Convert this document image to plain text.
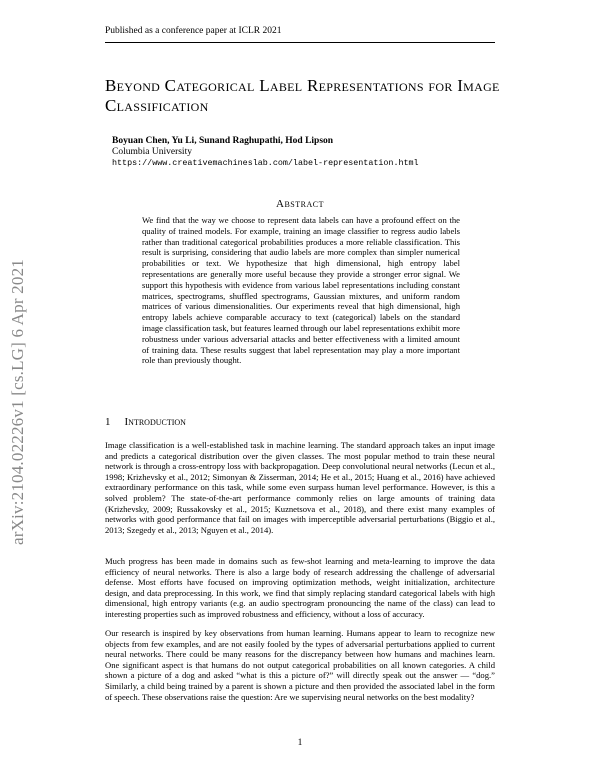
Published as a conference paper at ICLR 2021
Beyond Categorical Label Representations for Image Classification
Boyuan Chen, Yu Li, Sunand Raghupathi, Hod Lipson
Columbia University
https://www.creativemachineslab.com/label-representation.html
Abstract
We find that the way we choose to represent data labels can have a profound effect on the quality of trained models. For example, training an image classifier to regress audio labels rather than traditional categorical probabilities produces a more reliable classification. This result is surprising, considering that audio labels are more complex than simpler numerical probabilities or text. We hypothesize that high dimensional, high entropy label representations are generally more useful because they provide a stronger error signal. We support this hypothesis with evidence from various label representations including constant matrices, spectrograms, shuffled spectrograms, Gaussian mixtures, and uniform random matrices of various dimensionalities. Our experiments reveal that high dimensional, high entropy labels achieve comparable accuracy to text (categorical) labels on the standard image classification task, but features learned through our label representations exhibit more robustness under various adversarial attacks and better effectiveness with a limited amount of training data. These results suggest that label representation may play a more important role than previously thought.
1 Introduction
Image classification is a well-established task in machine learning. The standard approach takes an input image and predicts a categorical distribution over the given classes. The most popular method to train these neural network is through a cross-entropy loss with backpropagation. Deep convolutional neural networks (Lecun et al., 1998; Krizhevsky et al., 2012; Simonyan & Zisserman, 2014; He et al., 2015; Huang et al., 2016) have achieved extraordinary performance on this task, while some even surpass human level performance. However, is this a solved problem? The state-of-the-art performance commonly relies on large amounts of training data (Krizhevsky, 2009; Russakovsky et al., 2015; Kuznetsova et al., 2018), and there exist many examples of networks with good performance that fail on images with imperceptible adversarial perturbations (Biggio et al., 2013; Szegedy et al., 2013; Nguyen et al., 2014).
Much progress has been made in domains such as few-shot learning and meta-learning to improve the data efficiency of neural networks. There is also a large body of research addressing the challenge of adversarial defense. Most efforts have focused on improving optimization methods, weight initialization, architecture design, and data preprocessing. In this work, we find that simply replacing standard categorical labels with high dimensional, high entropy variants (e.g. an audio spectrogram pronouncing the name of the class) can lead to interesting properties such as improved robustness and efficiency, without a loss of accuracy.
Our research is inspired by key observations from human learning. Humans appear to learn to recognize new objects from few examples, and are not easily fooled by the types of adversarial perturbations applied to current neural networks. There could be many reasons for the discrepancy between how humans and machines learn. One significant aspect is that humans do not output categorical probabilities on all known categories. A child shown a picture of a dog and asked “what is this a picture of?” will directly speak out the answer — “dog.” Similarly, a child being trained by a parent is shown a picture and then provided the associated label in the form of speech. These observations raise the question: Are we supervising neural networks on the best modality?
arXiv:2104.02226v1 [cs.LG] 6 Apr 2021
1
